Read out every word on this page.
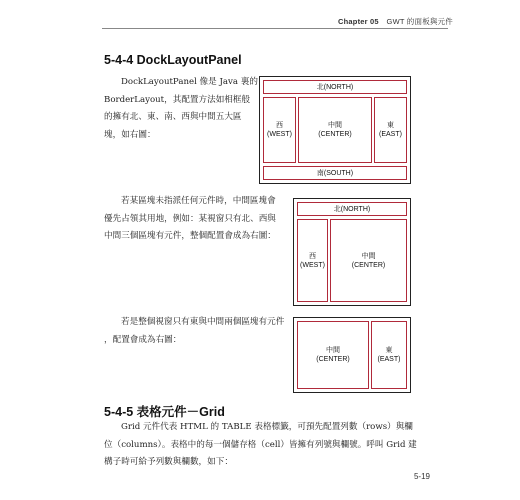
Chapter 05 GWT 的面板與元件
5-4-4 DockLayoutPanel
DockLayoutPanel 像是 Java 裏的
BorderLayout，其配置方法如相框般
的擁有北、東、南、西與中間五大區
塊，如右圖：
北(NORTH)
西
(WEST)
中間
(CENTER)
東
(EAST)
南(SOUTH)
若某區塊未指派任何元件時，中間區塊會
優先占領其用地，例如：某視窗只有北、西與
中間三個區塊有元件，整個配置會成為右圖：
北(NORTH)
西
(WEST)
中間
(CENTER)
若是整個視窗只有東與中間兩個區塊有元件
，配置會成為右圖：
中間
(CENTER)
東
(EAST)
5-4-5 表格元件－Grid
Grid 元件代表 HTML 的 TABLE 表格標籤，可預先配置列數（rows）與欄
位（columns）。表格中的每一個儲存格（cell）皆擁有列號與欄號。呼叫 Grid 建
構子時可給予列數與欄數，如下：
5-19
